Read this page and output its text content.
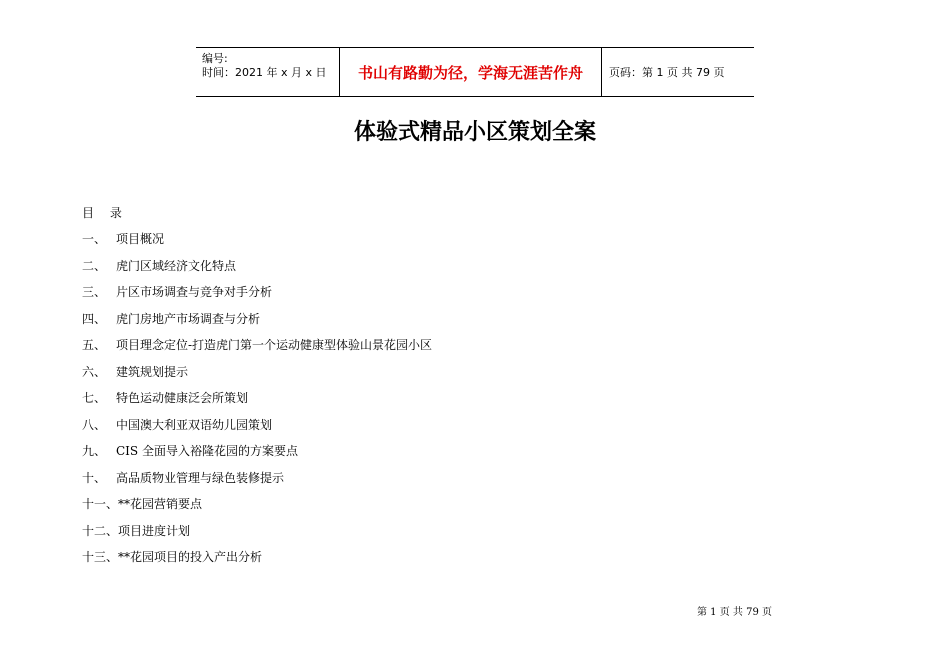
编号:
时间：2021 年 x 月 x 日	书山有路勤为径，学海无涯苦作舟 页码：第 1 页 共 79 页
体验式精品小区策划全案
目 录
一、 项目概况
二、 虎门区域经济文化特点
三、 片区市场调查与竞争对手分析
四、 虎门房地产市场调查与分析
五、 项目理念定位-打造虎门第一个运动健康型体验山景花园小区
六、 建筑规划提示
七、 特色运动健康泛会所策划
八、 中国澳大利亚双语幼儿园策划
九、 CIS 全面导入裕隆花园的方案要点
十、 高品质物业管理与绿色装修提示
十一、**花园营销要点
十二、项目进度计划
十三、**花园项目的投入产出分析
第 1 页 共 79 页
